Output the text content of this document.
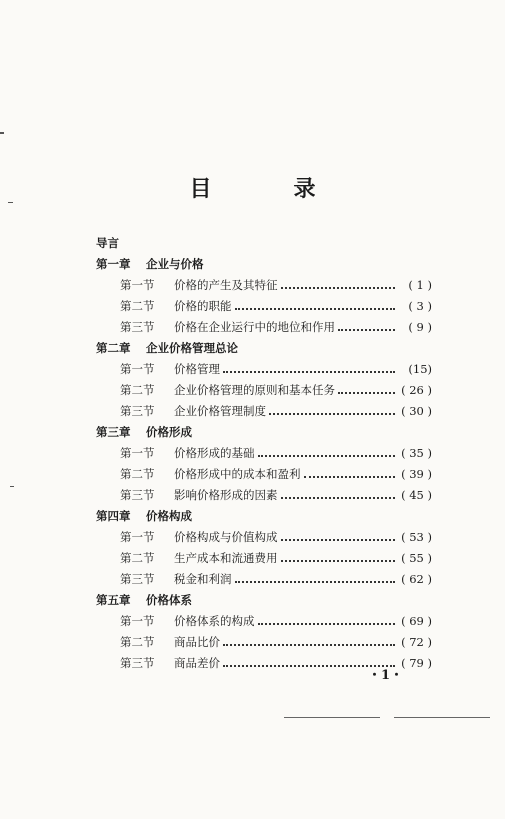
目　录
导言
第一章	企业与价格
第一节	价格的产生及其特征	( 1 )
第二节	价格的职能	( 3 )
第三节	价格在企业运行中的地位和作用	( 9 )
第二章	企业价格管理总论
第一节	价格管理	(15)
第二节	企业价格管理的原则和基本任务	( 26 )
第三节	企业价格管理制度	( 30 )
第三章	价格形成
第一节	价格形成的基础	( 35 )
第二节	价格形成中的成本和盈利	( 39 )
第三节	影响价格形成的因素	( 45 )
第四章	价格构成
第一节	价格构成与价值构成	( 53 )
第二节	生产成本和流通费用	( 55 )
第三节	税金和利润	( 62 )
第五章	价格体系
第一节	价格体系的构成	( 69 )
第二节	商品比价	( 72 )
第三节	商品差价	( 79 )
・1・
